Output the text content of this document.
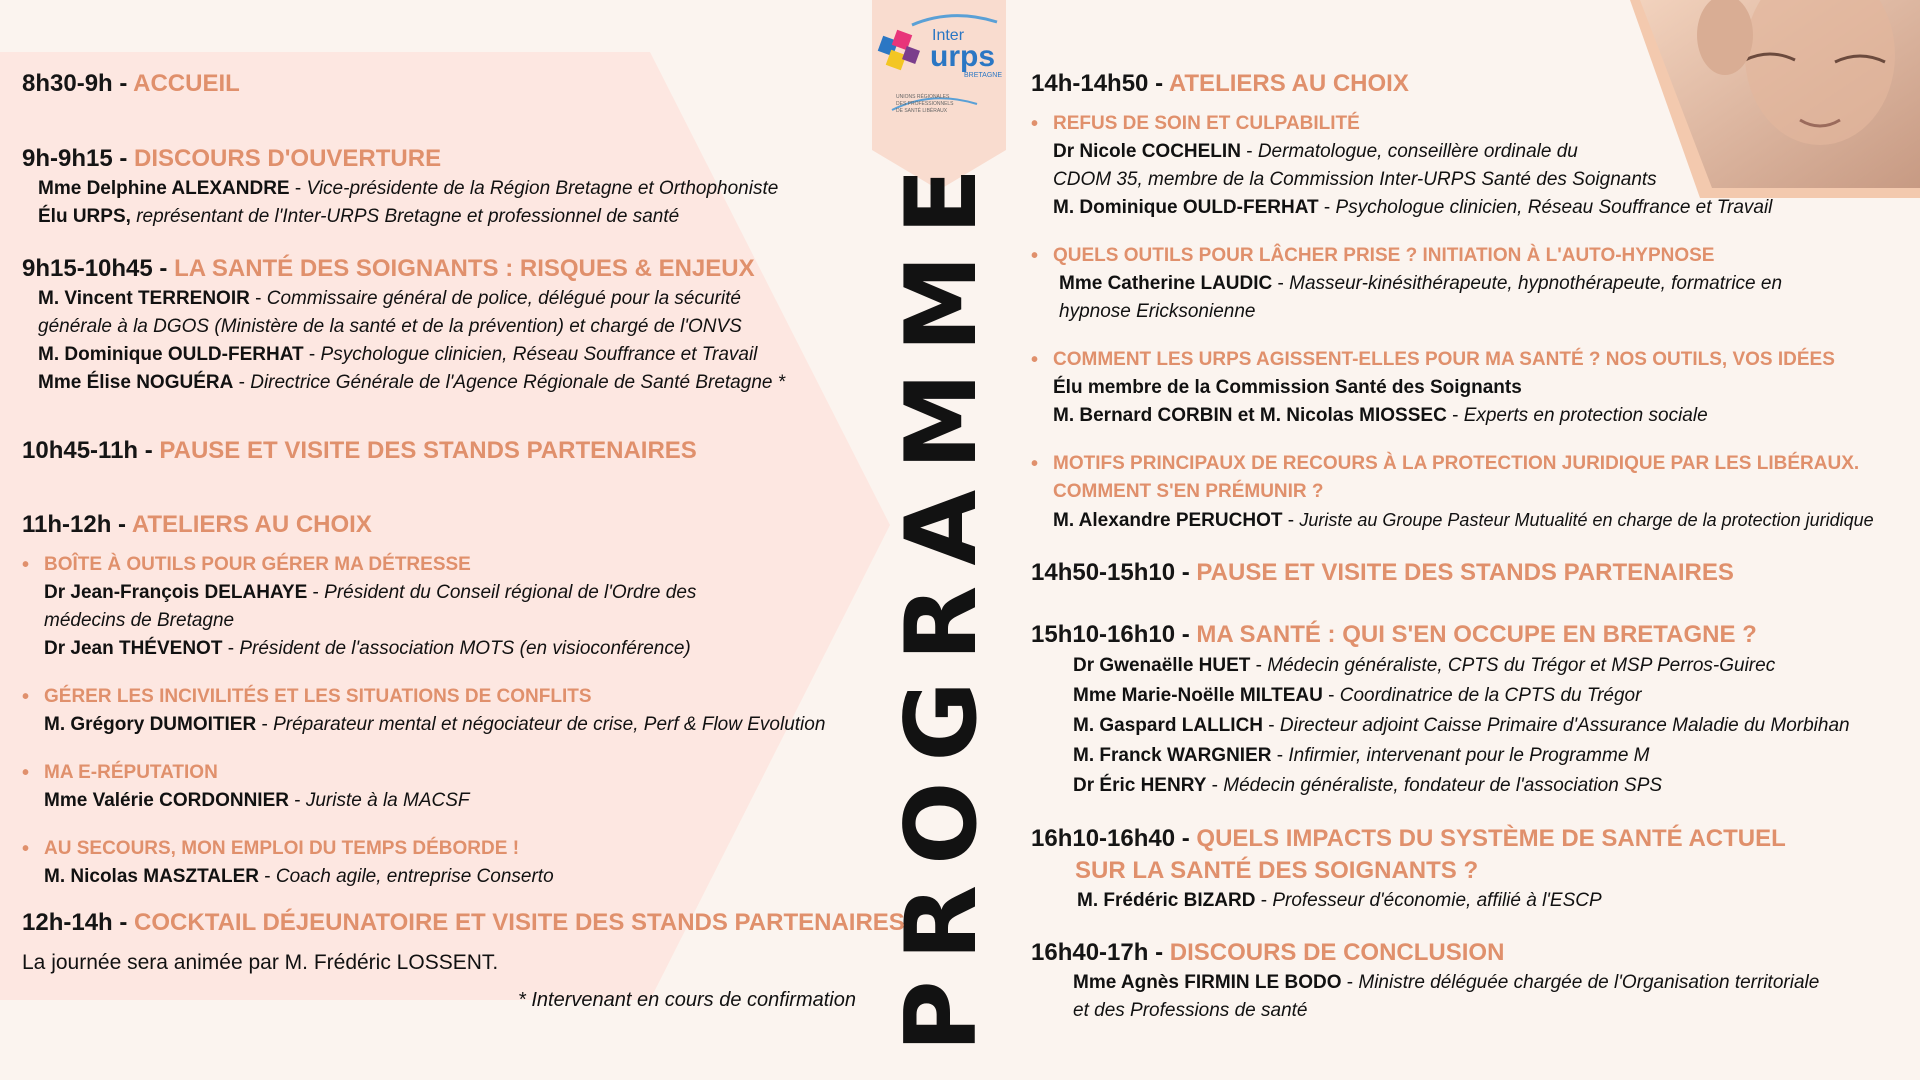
Inter
urps
BRETAGNE
UNIONS RÉGIONALES
DES PROFESSIONNELS
DE SANTÉ LIBÉRAUX
PROGRAMME
8h30-9h - ACCUEIL
9h-9h15 - DISCOURS D'OUVERTURE
Mme Delphine ALEXANDRE - Vice-présidente de la Région Bretagne et Orthophoniste
Élu URPS, représentant de l'Inter-URPS Bretagne et professionnel de santé
9h15-10h45 - LA SANTÉ DES SOIGNANTS : RISQUES & ENJEUX
M. Vincent TERRENOIR - Commissaire général de police, délégué pour la sécurité
générale à la DGOS (Ministère de la santé et de la prévention) et chargé de l'ONVS
M. Dominique OULD-FERHAT - Psychologue clinicien, Réseau Souffrance et Travail
Mme Élise NOGUÉRA - Directrice Générale de l'Agence Régionale de Santé Bretagne *
10h45-11h - PAUSE ET VISITE DES STANDS PARTENAIRES
11h-12h - ATELIERS AU CHOIX
• BOÎTE À OUTILS POUR GÉRER MA DÉTRESSE
Dr Jean-François DELAHAYE - Président du Conseil régional de l'Ordre des
médecins de Bretagne
Dr Jean THÉVENOT - Président de l'association MOTS (en visioconférence)
• GÉRER LES INCIVILITÉS ET LES SITUATIONS DE CONFLITS
M. Grégory DUMOITIER - Préparateur mental et négociateur de crise, Perf & Flow Evolution
• MA E-RÉPUTATION
Mme Valérie CORDONNIER - Juriste à la MACSF
• AU SECOURS, MON EMPLOI DU TEMPS DÉBORDE !
M. Nicolas MASZTALER - Coach agile, entreprise Conserto
12h-14h - COCKTAIL DÉJEUNATOIRE ET VISITE DES STANDS PARTENAIRES
La journée sera animée par M. Frédéric LOSSENT.
* Intervenant en cours de confirmation
14h-14h50 - ATELIERS AU CHOIX
• REFUS DE SOIN ET CULPABILITÉ
Dr Nicole COCHELIN - Dermatologue, conseillère ordinale du
CDOM 35, membre de la Commission Inter-URPS Santé des Soignants
M. Dominique OULD-FERHAT - Psychologue clinicien, Réseau Souffrance et Travail
• QUELS OUTILS POUR LÂCHER PRISE ? INITIATION À L'AUTO-HYPNOSE
Mme Catherine LAUDIC - Masseur-kinésithérapeute, hypnothérapeute, formatrice en
hypnose Ericksonienne
• COMMENT LES URPS AGISSENT-ELLES POUR MA SANTÉ ? NOS OUTILS, VOS IDÉES
Élu membre de la Commission Santé des Soignants
M. Bernard CORBIN et M. Nicolas MIOSSEC - Experts en protection sociale
• MOTIFS PRINCIPAUX DE RECOURS À LA PROTECTION JURIDIQUE PAR LES LIBÉRAUX.
COMMENT S'EN PRÉMUNIR ?
M. Alexandre PERUCHOT - Juriste au Groupe Pasteur Mutualité en charge de la protection juridique
14h50-15h10 - PAUSE ET VISITE DES STANDS PARTENAIRES
15h10-16h10 - MA SANTÉ : QUI S'EN OCCUPE EN BRETAGNE ?
Dr Gwenaëlle HUET - Médecin généraliste, CPTS du Trégor et MSP Perros-Guirec
Mme Marie-Noëlle MILTEAU - Coordinatrice de la CPTS du Trégor
M. Gaspard LALLICH - Directeur adjoint Caisse Primaire d'Assurance Maladie du Morbihan
M. Franck WARGNIER - Infirmier, intervenant pour le Programme M
Dr Éric HENRY - Médecin généraliste, fondateur de l'association SPS
16h10-16h40 - QUELS IMPACTS DU SYSTÈME DE SANTÉ ACTUEL
SUR LA SANTÉ DES SOIGNANTS ?
M. Frédéric BIZARD - Professeur d'économie, affilié à l'ESCP
16h40-17h - DISCOURS DE CONCLUSION
Mme Agnès FIRMIN LE BODO - Ministre déléguée chargée de l'Organisation territoriale
et des Professions de santé
